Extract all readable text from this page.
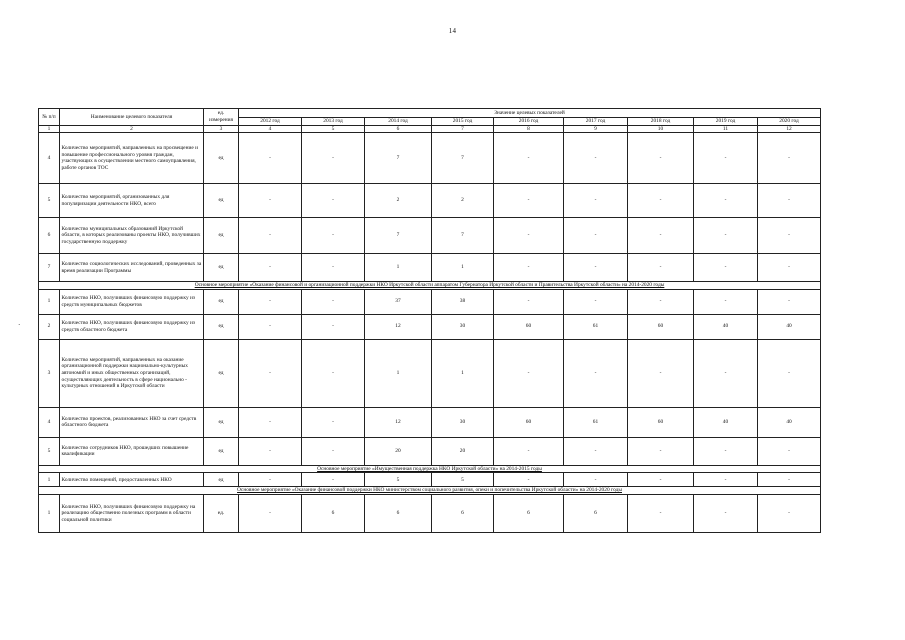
14
·
№ п/п	Наименование целевого показателя	ед. измерения	Значение целевых показателей								
			2012 год	2013 год	2014 год	2015 год	2016 год	2017 год	2018 год	2019 год	2020 год
1	2	3	4	5	6	7	8	9	10	11	12
4	Количество мероприятий, направленных на просвещение и повышение профессионального уровня граждан, участвующих в осуществлении местного самоуправления, работе органов ТОС	ед	-	-	7	7	-	-	-	-	-
5	Количество мероприятий, организованных для популяризации деятельности НКО, всего	ед	-	-	2	2	-	-	-	-	-
6	Количество муниципальных образований Иркутской области, в которых реализованы проекты НКО, получивших государственную поддержку	ед	-	-	7	7	-	-	-	-	-
7	Количество социологических исследований, проведенных за время реализации Программы	ед	-	-	1	1	-	-	-	-	-
Основное мероприятие «Оказание финансовой и организационной поддержки НКО Иркутской области аппаратом Губернатора Иркутской области и Правительства Иркутской области» на 2014-2020 годы											
1	Количество НКО, получивших финансовую поддержку из средств муниципальных бюджетов	ед	-	-	37	38	-	-	-	-	-
2	Количество НКО, получивших финансовую поддержку из средств областного бюджета	ед	-	-	12	30	60	61	60	40	40
3	Количество мероприятий, направленных на оказание организационной поддержки национально-культурных автономий и иных общественных организаций, осуществляющих деятельность в сфере национально - культурных отношений в Иркутской области	ед	-	-	1	1	-	-	-	-	-
4	Количество проектов, реализованных НКО за счет средств областного бюджета	ед	-	-	12	30	60	61	60	40	40
5	Количество сотрудников НКО, прошедших повышение квалификации	ед	-	-	20	20	-	-	-	-	-
Основное мероприятие «Имущественная поддержка НКО Иркутской области» на 2014-2015 годы											
1	Количество помещений, предоставленных НКО	ед	-	-	5	5	-	-	-	-	-
Основное мероприятие «Оказание финансовой поддержки НКО министерством социального развития, опеки и попечительства Иркутской области» на 2014-2020 годы											
1	Количество НКО, получивших финансовую поддержку на реализацию общественно полезных программ в области социальной политики	ед.	-	6	6	6	6	6	-	-	-
